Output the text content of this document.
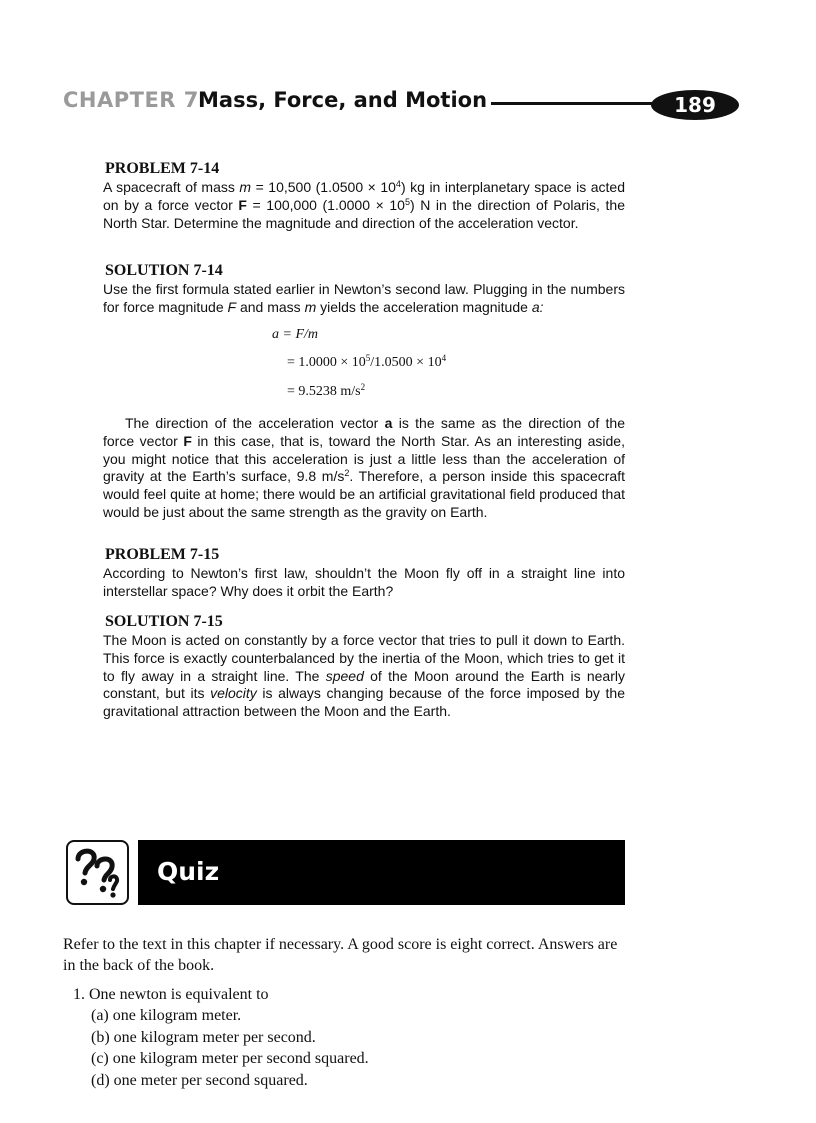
CHAPTER 7 Mass, Force, and Motion	189
PROBLEM 7-14

A spacecraft of mass m = 10,500 $(1.0500 \times 10^4)$ kg in interplanetary space is acted on by a force vector F = 100,000 $(1.0000 \times 10^5)$ N in the direction of Polaris, the North Star. Determine the magnitude and direction of the acceleration vector.

SOLUTION 7-14

Use the first formula stated earlier in Newton’s second law. Plugging in the numbers for force magnitude F and mass m yields the acceleration magnitude a:

a = F/m
= $1.0000 \times 10^5/1.0500 \times 10^4$
= 9.5238 $m/s^2$

The direction of the acceleration vector a is the same as the direction of the force vector F in this case, that is, toward the North Star. As an interesting aside, you might notice that this acceleration is just a little less than the acceleration of gravity at the Earth’s surface, 9.8 $m/s^2$. Therefore, a person inside this spacecraft would feel quite at home; there would be an artificial gravitational field produced that would be just about the same strength as the gravity on Earth.

PROBLEM 7-15
According to Newton’s first law, shouldn’t the Moon fly off in a straight line into interstellar space? Why does it orbit the Earth?
SOLUTION 7-15

The Moon is acted on constantly by a force vector that tries to pull it down to Earth. This force is exactly counterbalanced by the inertia of the Moon, which tries to get it to fly away in a straight line. The speed of the Moon around the Earth is nearly constant, but its velocity is always changing because of the force imposed by the gravitational attraction between the Moon and the Earth.

Quiz
Refer to the text in this chapter if necessary. A good score is eight correct. Answers are in the back of the book.
1. One newton is equivalent to
(a) one kilogram meter.
(b) one kilogram meter per second.
(c) one kilogram meter per second squared.
(d) one meter per second squared.
